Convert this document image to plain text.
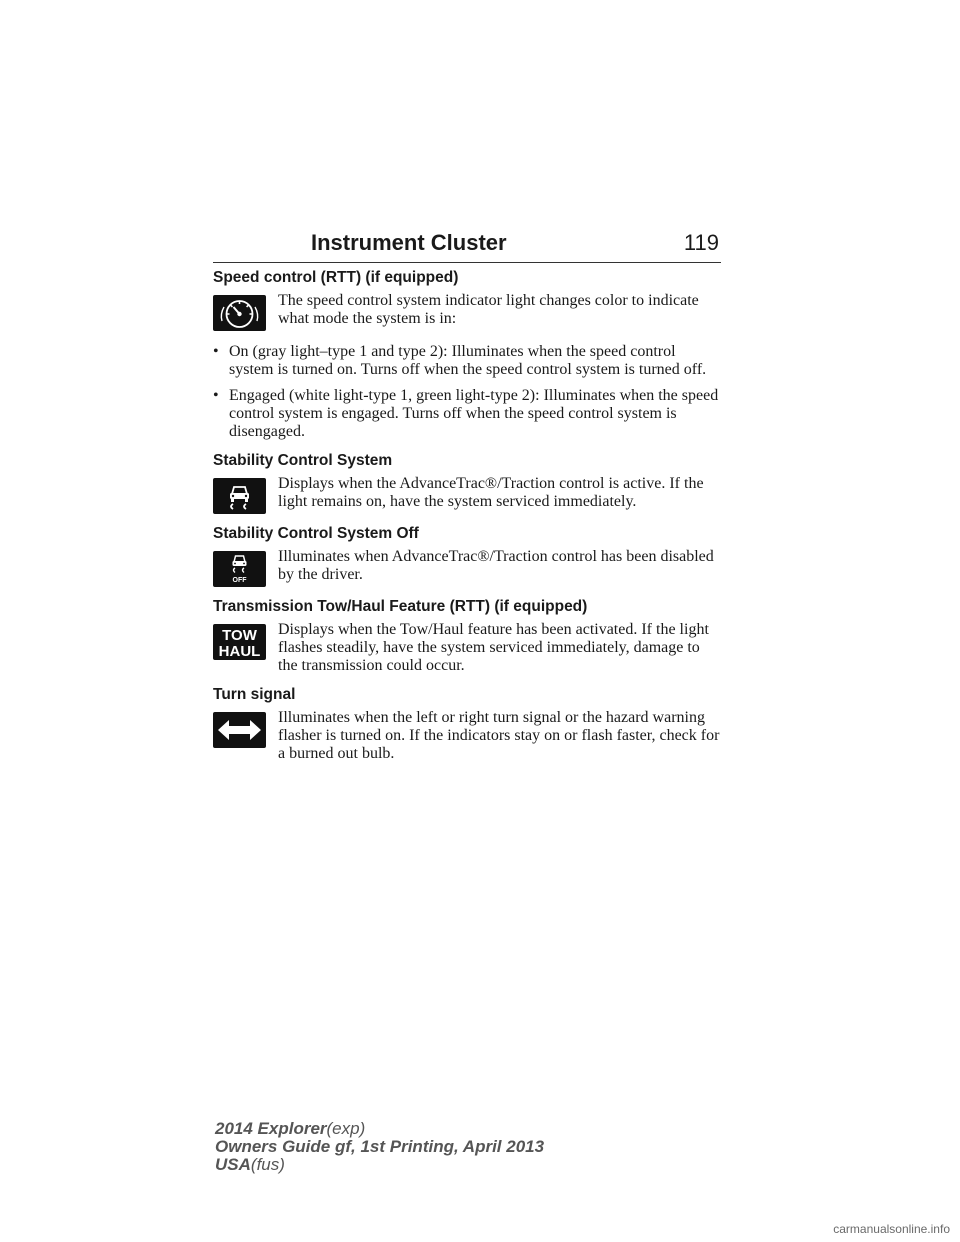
Instrument Cluster	119
Speed control (RTT) (if equipped)
The speed control system indicator light changes color to indicate what mode the system is in:
• On (gray light–type 1 and type 2): Illuminates when the speed control system is turned on. Turns off when the speed control system is turned off.
• Engaged (white light-type 1, green light-type 2): Illuminates when the speed control system is engaged. Turns off when the speed control system is disengaged.
Stability Control System
Displays when the AdvanceTrac®/Traction control is active. If the light remains on, have the system serviced immediately.
Stability Control System Off
OFF
Illuminates when AdvanceTrac®/Traction control has been disabled by the driver.
Transmission Tow/Haul Feature (RTT) (if equipped)
TOW
HAUL
Displays when the Tow/Haul feature has been activated. If the light flashes steadily, have the system serviced immediately, damage to the transmission could occur.
Turn signal
Illuminates when the left or right turn signal or the hazard warning flasher is turned on. If the indicators stay on or flash faster, check for a burned out bulb.
2014 Explorer(exp)
Owners Guide gf, 1st Printing, April 2013
USA(fus)
carmanualsonline.info
